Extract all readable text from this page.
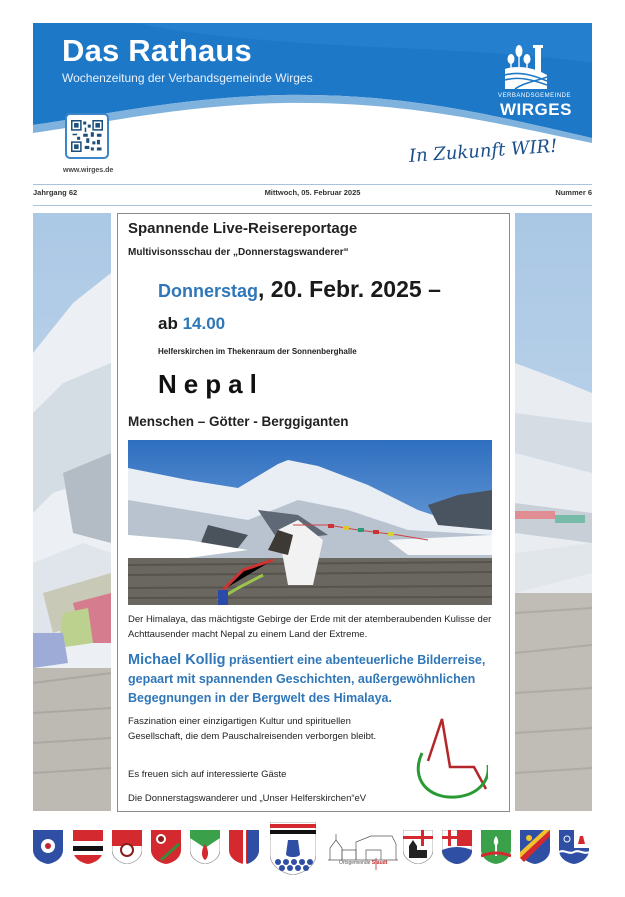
Das Rathaus
Wochenzeitung der Verbandsgemeinde Wirges
www.wirges.de
VERBANDSGEMEINDE
WIRGES
In Zukunft WIR!
Jahrgang 62	Mittwoch, 05. Februar 2025	Nummer 6
Spannende Live-Reisereportage
Multivisonsschau der „Donnerstagswanderer“
Donnerstag, 20. Febr. 2025 –
ab 14.00
Helferskirchen im Thekenraum der Sonnenberghalle
Nepal
Menschen – Götter - Berggiganten
Der Himalaya, das mächtigste Gebirge der Erde mit der atemberaubenden Kulisse der Achttausender macht Nepal zu einem Land der Extreme.
Michael Kollig präsentiert eine abenteuerliche Bilderreise, gepaart mit spannenden Geschichten, außergewöhnlichen Begegnungen in der Bergwelt des Himalaya.
Faszination einer einzigartigen Kultur und spirituellen Gesellschaft, die dem Pauschalreisenden verborgen bleibt.
Es freuen sich auf interessierte Gäste
Die Donnerstagswanderer und „Unser Helferskirchen“eV
Ortsgemeinde Staudt
